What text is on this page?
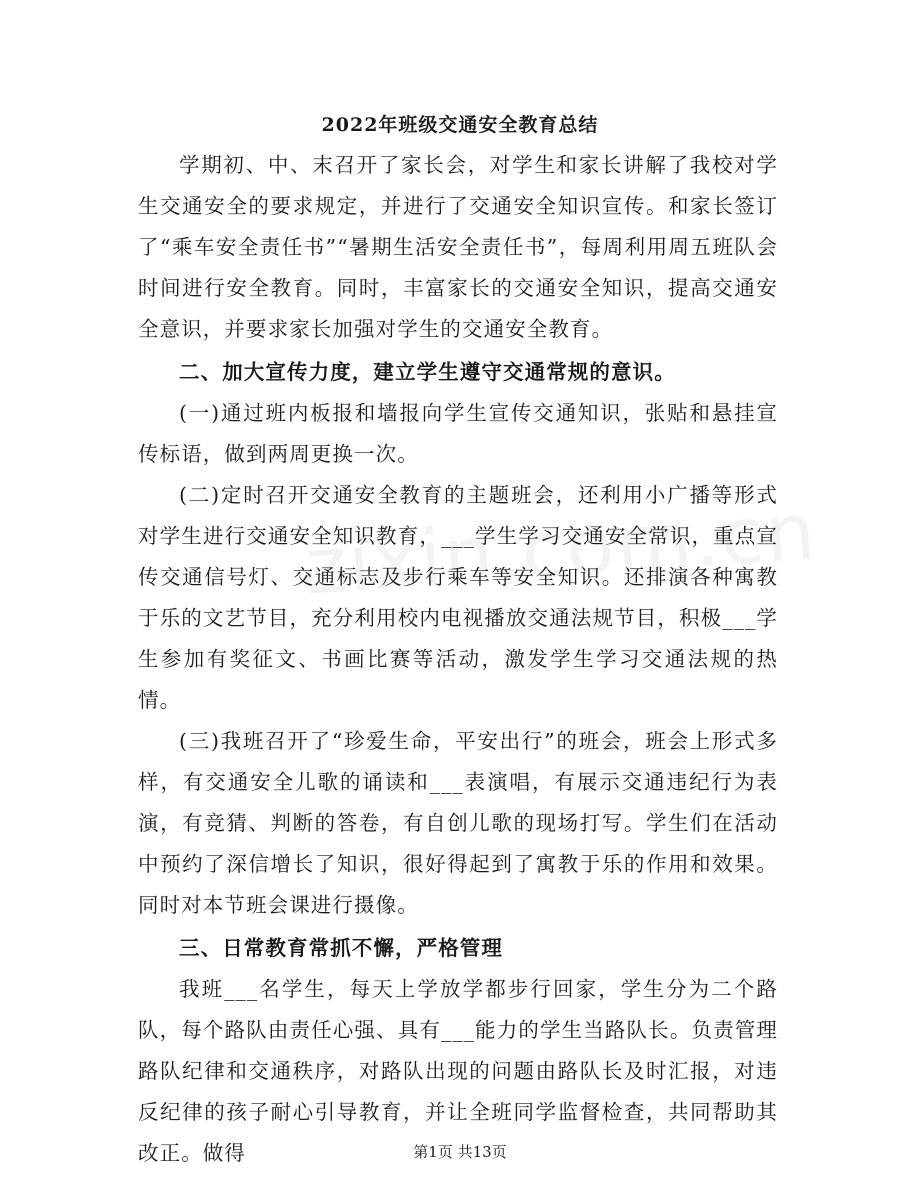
2022年班级交通安全教育总结

学期初、中、末召开了家长会，对学生和家长讲解了我校对学生交通安全的要求规定，并进行了交通安全知识宣传。和家长签订了“乘车安全责任书”“暑期生活安全责任书”，每周利用周五班队会时间进行安全教育。同时，丰富家长的交通安全知识，提高交通安全意识，并要求家长加强对学生的交通安全教育。

二、加大宣传力度，建立学生遵守交通常规的意识。

(一)通过班内板报和墙报向学生宣传交通知识，张贴和悬挂宣传标语，做到两周更换一次。

(二)定时召开交通安全教育的主题班会，还利用小广播等形式对学生进行交通安全知识教育，___学生学习交通安全常识，重点宣传交通信号灯、交通标志及步行乘车等安全知识。还排演各种寓教于乐的文艺节目，充分利用校内电视播放交通法规节目，积极___学生参加有奖征文、书画比赛等活动，激发学生学习交通法规的热情。

(三)我班召开了“珍爱生命，平安出行”的班会，班会上形式多样，有交通安全儿歌的诵读和___表演唱，有展示交通违纪行为表演，有竞猜、判断的答卷，有自创儿歌的现场打写。学生们在活动中预约了深信增长了知识，很好得起到了寓教于乐的作用和效果。同时对本节班会课进行摄像。

三、日常教育常抓不懈，严格管理

我班___名学生，每天上学放学都步行回家，学生分为二个路队，每个路队由责任心强、具有___能力的学生当路队长。负责管理路队纪律和交通秩序，对路队出现的问题由路队长及时汇报，对违反纪律的孩子耐心引导教育，并让全班同学监督检查，共同帮助其改正。做得	第1页 共13页
